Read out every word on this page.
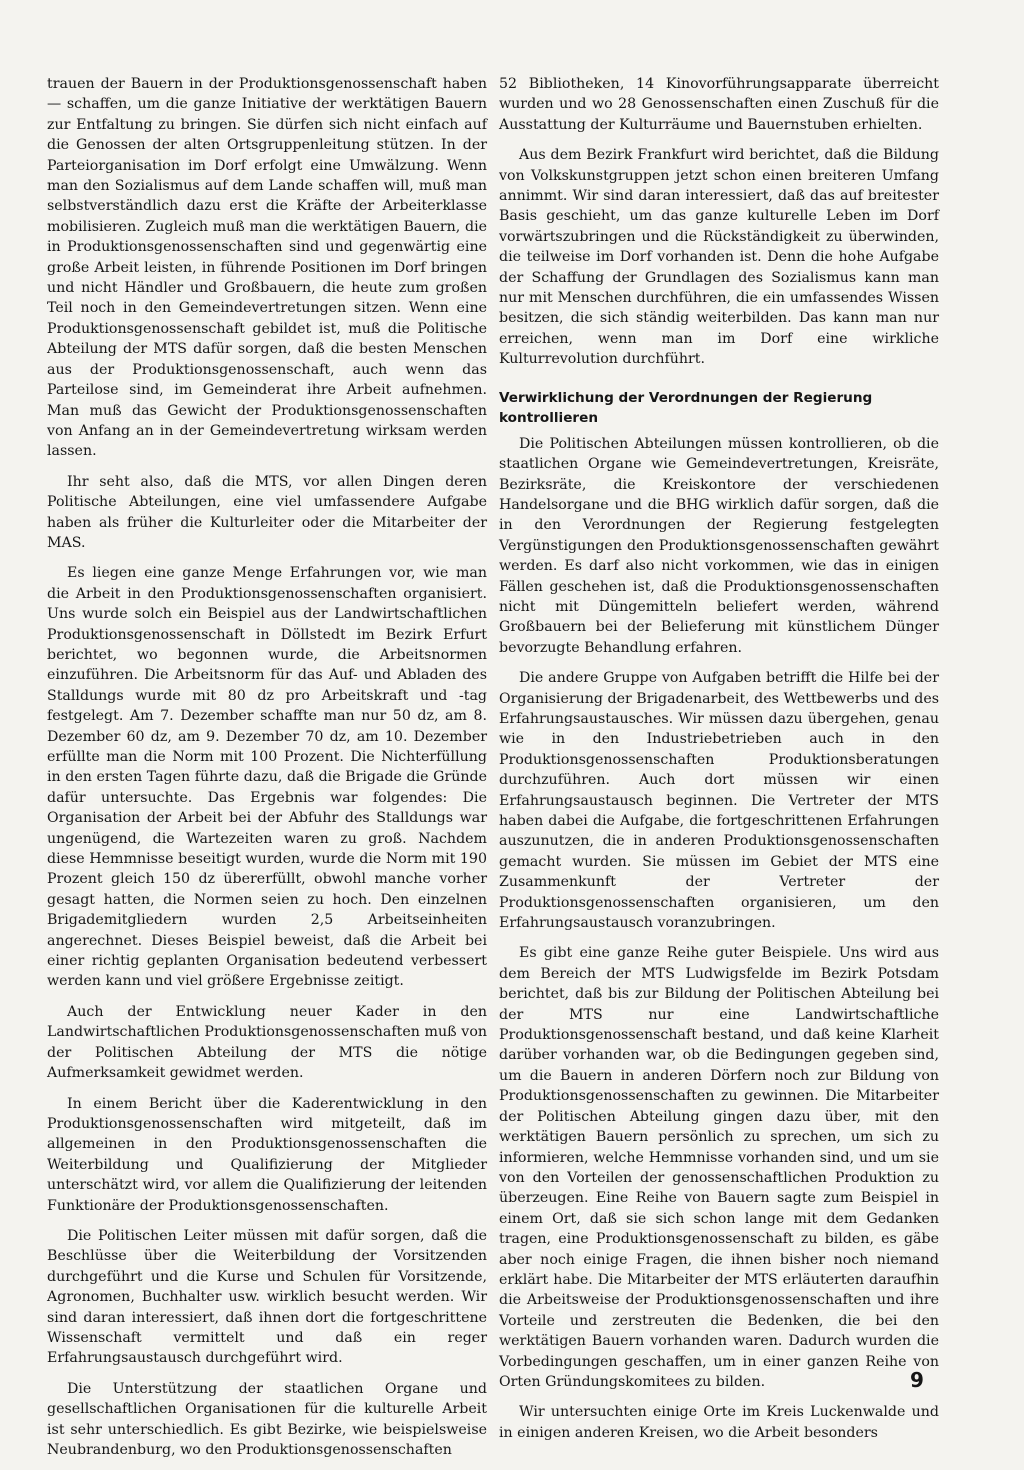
trauen der Bauern in der Produktionsgenossenschaft haben — schaffen, um die ganze Initiative der werktätigen Bauern zur Entfaltung zu bringen. Sie dürfen sich nicht einfach auf die Genossen der alten Ortsgruppenleitung stützen. In der Parteiorganisation im Dorf erfolgt eine Umwälzung. Wenn man den Sozialismus auf dem Lande schaffen will, muß man selbstverständlich dazu erst die Kräfte der Arbeiterklasse mobilisieren. Zugleich muß man die werktätigen Bauern, die in Produktionsgenossenschaften sind und gegenwärtig eine große Arbeit leisten, in führende Positionen im Dorf bringen und nicht Händler und Großbauern, die heute zum großen Teil noch in den Gemeindevertretungen sitzen. Wenn eine Produktionsgenossenschaft gebildet ist, muß die Politische Abteilung der MTS dafür sorgen, daß die besten Menschen aus der Produktionsgenossenschaft, auch wenn das Parteilose sind, im Gemeinderat ihre Arbeit aufnehmen. Man muß das Gewicht der Produktionsgenossenschaften von Anfang an in der Gemeindevertretung wirksam werden lassen.

Ihr seht also, daß die MTS, vor allen Dingen deren Politische Abteilungen, eine viel umfassendere Aufgabe haben als früher die Kulturleiter oder die Mitarbeiter der MAS.

Es liegen eine ganze Menge Erfahrungen vor, wie man die Arbeit in den Produktionsgenossenschaften organisiert. Uns wurde solch ein Beispiel aus der Landwirtschaftlichen Produktionsgenossenschaft in Döllstedt im Bezirk Erfurt berichtet, wo begonnen wurde, die Arbeitsnormen einzuführen. Die Arbeitsnorm für das Auf- und Abladen des Stalldungs wurde mit 80 dz pro Arbeitskraft und -tag festgelegt. Am 7. Dezember schaffte man nur 50 dz, am 8. Dezember 60 dz, am 9. Dezember 70 dz, am 10. Dezember erfüllte man die Norm mit 100 Prozent. Die Nichterfüllung in den ersten Tagen führte dazu, daß die Brigade die Gründe dafür untersuchte. Das Ergebnis war folgendes: Die Organisation der Arbeit bei der Abfuhr des Stalldungs war ungenügend, die Wartezeiten waren zu groß. Nachdem diese Hemmnisse beseitigt wurden, wurde die Norm mit 190 Prozent gleich 150 dz übererfüllt, obwohl manche vorher gesagt hatten, die Normen seien zu hoch. Den einzelnen Brigademitgliedern wurden 2,5 Arbeitseinheiten angerechnet. Dieses Beispiel beweist, daß die Arbeit bei einer richtig geplanten Organisation bedeutend verbessert werden kann und viel größere Ergebnisse zeitigt.

Auch der Entwicklung neuer Kader in den Landwirtschaftlichen Produktionsgenossenschaften muß von der Politischen Abteilung der MTS die nötige Aufmerksamkeit gewidmet werden.

In einem Bericht über die Kaderentwicklung in den Produktionsgenossenschaften wird mitgeteilt, daß im allgemeinen in den Produktionsgenossenschaften die Weiterbildung und Qualifizierung der Mitglieder unterschätzt wird, vor allem die Qualifizierung der leitenden Funktionäre der Produktionsgenossenschaften.

Die Politischen Leiter müssen mit dafür sorgen, daß die Beschlüsse über die Weiterbildung der Vorsitzenden durchgeführt und die Kurse und Schulen für Vorsitzende, Agronomen, Buchhalter usw. wirklich besucht werden. Wir sind daran interessiert, daß ihnen dort die fortgeschrittene Wissenschaft vermittelt und daß ein reger Erfahrungsaustausch durchgeführt wird.

Die Unterstützung der staatlichen Organe und gesellschaftlichen Organisationen für die kulturelle Arbeit ist sehr unterschiedlich. Es gibt Bezirke, wie beispielsweise Neubrandenburg, wo den Produktionsgenossenschaften

52 Bibliotheken, 14 Kinovorführungsapparate überreicht wurden und wo 28 Genossenschaften einen Zuschuß für die Ausstattung der Kulturräume und Bauernstuben erhielten.

Aus dem Bezirk Frankfurt wird berichtet, daß die Bildung von Volkskunstgruppen jetzt schon einen breiteren Umfang annimmt. Wir sind daran interessiert, daß das auf breitester Basis geschieht, um das ganze kulturelle Leben im Dorf vorwärtszubringen und die Rückständigkeit zu überwinden, die teilweise im Dorf vorhanden ist. Denn die hohe Aufgabe der Schaffung der Grundlagen des Sozialismus kann man nur mit Menschen durchführen, die ein umfassendes Wissen besitzen, die sich ständig weiterbilden. Das kann man nur erreichen, wenn man im Dorf eine wirkliche Kulturrevolution durchführt.

Verwirklichung der Verordnungen der Regierung kontrollieren

Die Politischen Abteilungen müssen kontrollieren, ob die staatlichen Organe wie Gemeindevertretungen, Kreisräte, Bezirksräte, die Kreiskontore der verschiedenen Handelsorgane und die BHG wirklich dafür sorgen, daß die in den Verordnungen der Regierung festgelegten Vergünstigungen den Produktionsgenossenschaften gewährt werden. Es darf also nicht vorkommen, wie das in einigen Fällen geschehen ist, daß die Produktionsgenossenschaften nicht mit Düngemitteln beliefert werden, während Großbauern bei der Belieferung mit künstlichem Dünger bevorzugte Behandlung erfahren.

Die andere Gruppe von Aufgaben betrifft die Hilfe bei der Organisierung der Brigadenarbeit, des Wettbewerbs und des Erfahrungsaustausches. Wir müssen dazu übergehen, genau wie in den Industriebetrieben auch in den Produktionsgenossenschaften Produktionsberatungen durchzuführen. Auch dort müssen wir einen Erfahrungsaustausch beginnen. Die Vertreter der MTS haben dabei die Aufgabe, die fortgeschrittenen Erfahrungen auszunutzen, die in anderen Produktionsgenossenschaften gemacht wurden. Sie müssen im Gebiet der MTS eine Zusammenkunft der Vertreter der Produktionsgenossenschaften organisieren, um den Erfahrungsaustausch voranzubringen.

Es gibt eine ganze Reihe guter Beispiele. Uns wird aus dem Bereich der MTS Ludwigsfelde im Bezirk Potsdam berichtet, daß bis zur Bildung der Politischen Abteilung bei der MTS nur eine Landwirtschaftliche Produktionsgenossenschaft bestand, und daß keine Klarheit darüber vorhanden war, ob die Bedingungen gegeben sind, um die Bauern in anderen Dörfern noch zur Bildung von Produktionsgenossenschaften zu gewinnen. Die Mitarbeiter der Politischen Abteilung gingen dazu über, mit den werktätigen Bauern persönlich zu sprechen, um sich zu informieren, welche Hemmnisse vorhanden sind, und um sie von den Vorteilen der genossenschaftlichen Produktion zu überzeugen. Eine Reihe von Bauern sagte zum Beispiel in einem Ort, daß sie sich schon lange mit dem Gedanken tragen, eine Produktionsgenossenschaft zu bilden, es gäbe aber noch einige Fragen, die ihnen bisher noch niemand erklärt habe. Die Mitarbeiter der MTS erläuterten daraufhin die Arbeitsweise der Produktionsgenossenschaften und ihre Vorteile und zerstreuten die Bedenken, die bei den werktätigen Bauern vorhanden waren. Dadurch wurden die Vorbedingungen geschaffen, um in einer ganzen Reihe von Orten Gründungskomitees zu bilden.

Wir untersuchten einige Orte im Kreis Luckenwalde und in einigen anderen Kreisen, wo die Arbeit besonders

9
